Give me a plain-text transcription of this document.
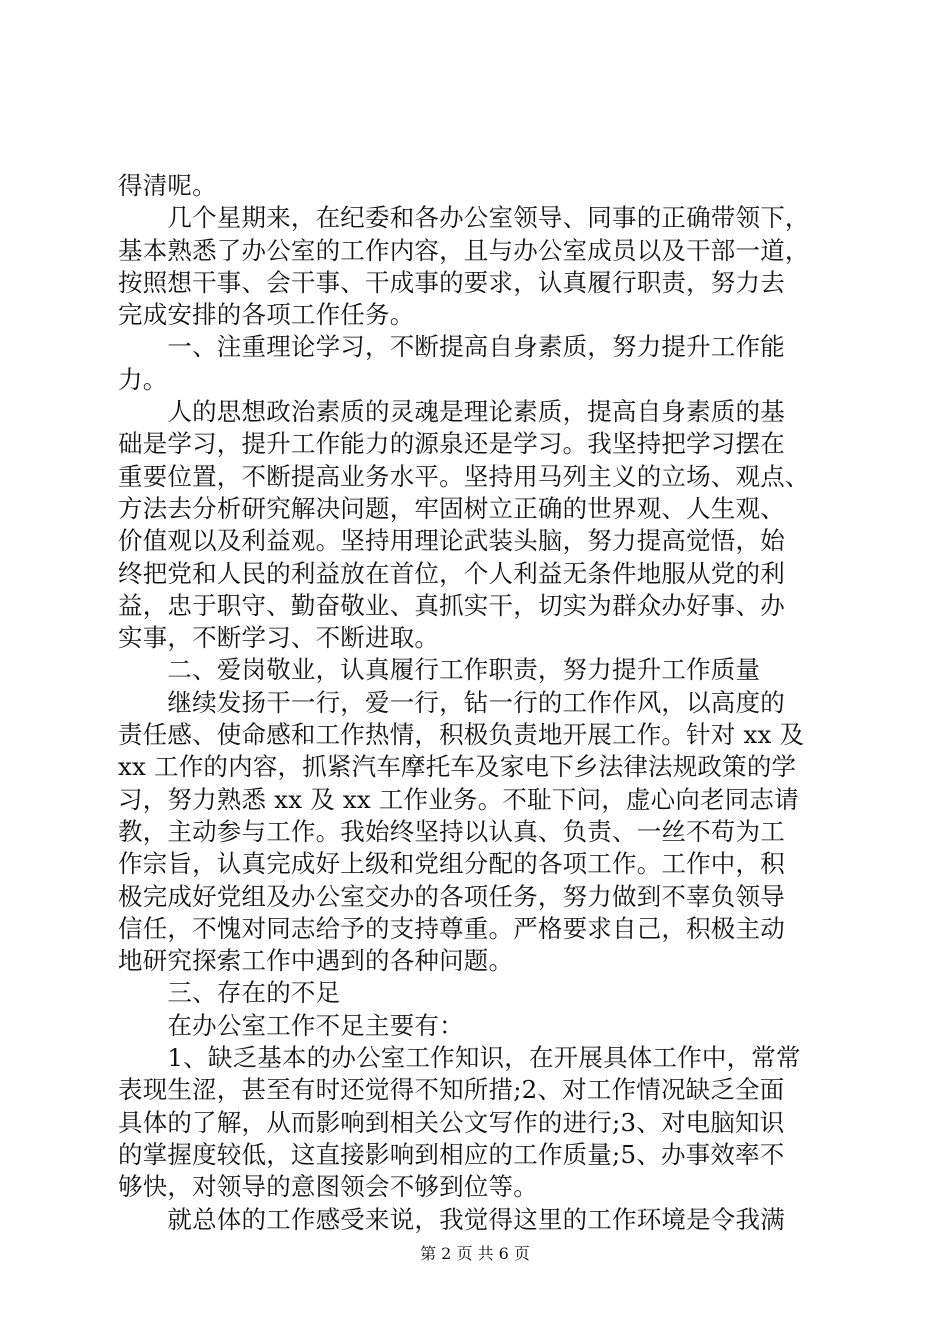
得清呢。
　　几个星期来，在纪委和各办公室领导、同事的正确带领下，
基本熟悉了办公室的工作内容，且与办公室成员以及干部一道，
按照想干事、会干事、干成事的要求，认真履行职责，努力去
完成安排的各项工作任务。
　　一、注重理论学习，不断提高自身素质，努力提升工作能
力。
　　人的思想政治素质的灵魂是理论素质，提高自身素质的基
础是学习，提升工作能力的源泉还是学习。我坚持把学习摆在
重要位置，不断提高业务水平。坚持用马列主义的立场、观点、
方法去分析研究解决问题，牢固树立正确的世界观、人生观、
价值观以及利益观。坚持用理论武装头脑，努力提高觉悟，始
终把党和人民的利益放在首位，个人利益无条件地服从党的利
益，忠于职守、勤奋敬业、真抓实干，切实为群众办好事、办
实事，不断学习、不断进取。
　　二、爱岗敬业，认真履行工作职责，努力提升工作质量
　　继续发扬干一行，爱一行，钻一行的工作作风，以高度的
责任感、使命感和工作热情，积极负责地开展工作。针对 xx 及
xx 工作的内容，抓紧汽车摩托车及家电下乡法律法规政策的学
习，努力熟悉 xx 及 xx 工作业务。不耻下问，虚心向老同志请
教，主动参与工作。我始终坚持以认真、负责、一丝不苟为工
作宗旨，认真完成好上级和党组分配的各项工作。工作中，积
极完成好党组及办公室交办的各项任务，努力做到不辜负领导
信任，不愧对同志给予的支持尊重。严格要求自己，积极主动
地研究探索工作中遇到的各种问题。
　　三、存在的不足
　　在办公室工作不足主要有：
　　1、缺乏基本的办公室工作知识，在开展具体工作中，常常
表现生涩，甚至有时还觉得不知所措;2、对工作情况缺乏全面
具体的了解，从而影响到相关公文写作的进行;3、对电脑知识
的掌握度较低，这直接影响到相应的工作质量;5、办事效率不
够快，对领导的意图领会不够到位等。
　　就总体的工作感受来说，我觉得这里的工作环境是令我满
第 2 页 共 6 页
